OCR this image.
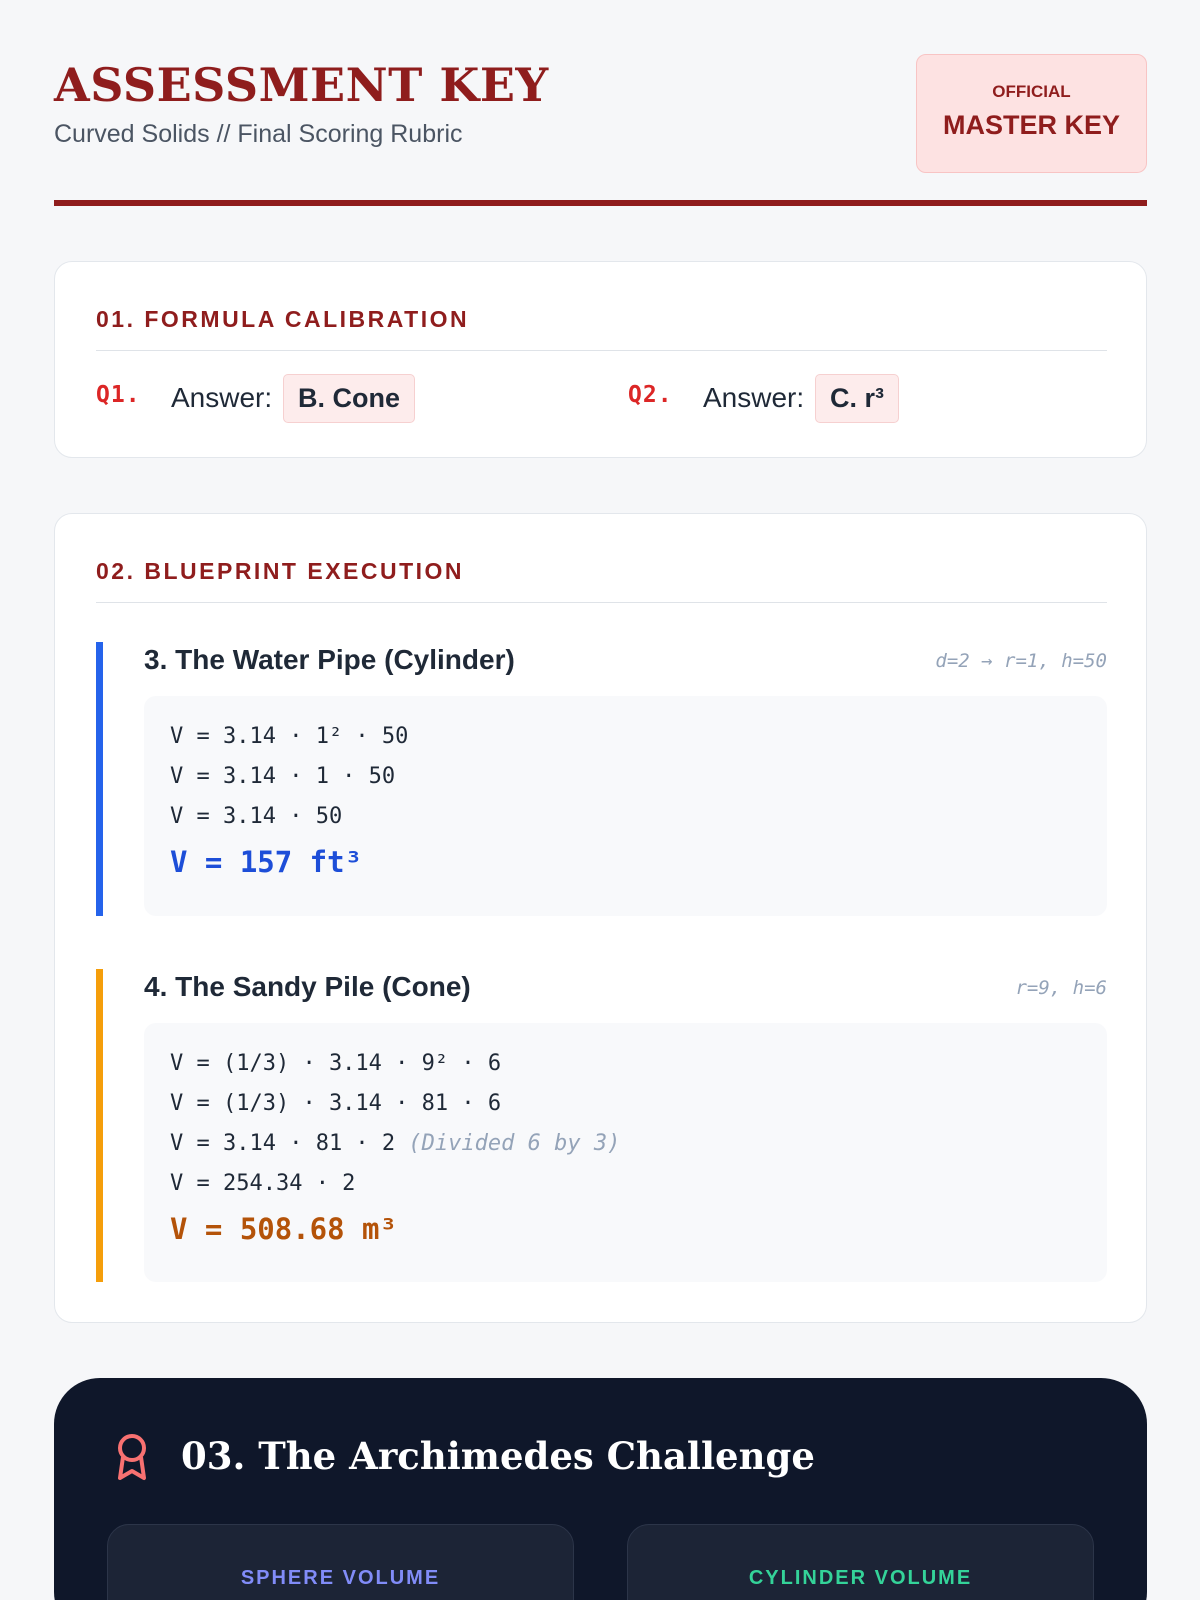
ASSESSMENT KEY
Curved Solids // Final Scoring Rubric
OFFICIAL
MASTER KEY
01. FORMULA CALIBRATION
Q1. Answer: B. Cone	Q2. Answer: C. r³
02. BLUEPRINT EXECUTION
3. The Water Pipe (Cylinder)	d=2 → r=1, h=50
V = 3.14 · 1² · 50
V = 3.14 · 1 · 50
V = 3.14 · 50
V = 157 ft³
4. The Sandy Pile (Cone)	r=9, h=6
V = (1/3) · 3.14 · 9² · 6
V = (1/3) · 3.14 · 81 · 6
V = 3.14 · 81 · 2 (Divided 6 by 3)
V = 254.34 · 2
V = 508.68 m³
03. The Archimedes Challenge
SPHERE VOLUME	CYLINDER VOLUME
